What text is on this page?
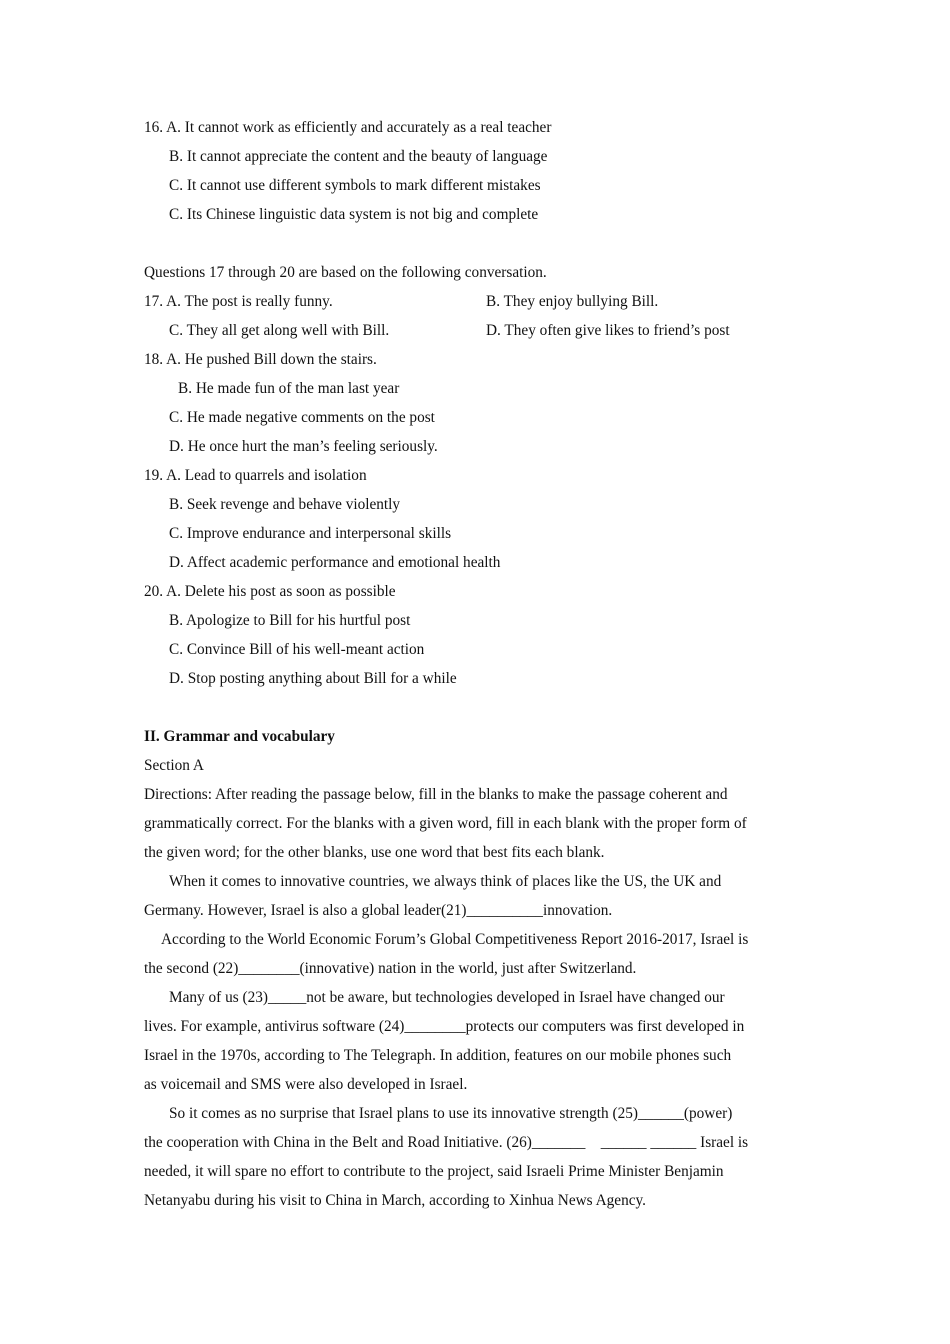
16. A. It cannot work as efficiently and accurately as a real teacher
B. It cannot appreciate the content and the beauty of language
C. It cannot use different symbols to mark different mistakes
C. Its Chinese linguistic data system is not big and complete
Questions 17 through 20 are based on the following conversation.
17. A. The post is really funny.	B. They enjoy bullying Bill.
C. They all get along well with Bill.	D. They often give likes to friend’s post
18. A. He pushed Bill down the stairs.
B. He made fun of the man last year
C. He made negative comments on the post
D. He once hurt the man’s feeling seriously.
19. A. Lead to quarrels and isolation
B. Seek revenge and behave violently
C. Improve endurance and interpersonal skills
D. Affect academic performance and emotional health
20. A. Delete his post as soon as possible
B. Apologize to Bill for his hurtful post
C. Convince Bill of his well-meant action
D. Stop posting anything about Bill for a while
II. Grammar and vocabulary
Section A
Directions: After reading the passage below, fill in the blanks to make the passage coherent and
grammatically correct. For the blanks with a given word, fill in each blank with the proper form of
the given word; for the other blanks, use one word that best fits each blank.
When it comes to innovative countries, we always think of places like the US, the UK and
Germany. However, Israel is also a global leader(21)__________innovation.
According to the World Economic Forum’s Global Competitiveness Report 2016-2017, Israel is
the second (22)________(innovative) nation in the world, just after Switzerland.
Many of us (23)_____not be aware, but technologies developed in Israel have changed our
lives. For example, antivirus software (24)________protects our computers was first developed in
Israel in the 1970s, according to The Telegraph. In addition, features on our mobile phones such
as voicemail and SMS were also developed in Israel.
So it comes as no surprise that Israel plans to use its innovative strength (25)______(power)
the cooperation with China in the Belt and Road Initiative. (26)_______    ______ ______ Israel is
needed, it will spare no effort to contribute to the project, said Israeli Prime Minister Benjamin
Netanyabu during his visit to China in March, according to Xinhua News Agency.
